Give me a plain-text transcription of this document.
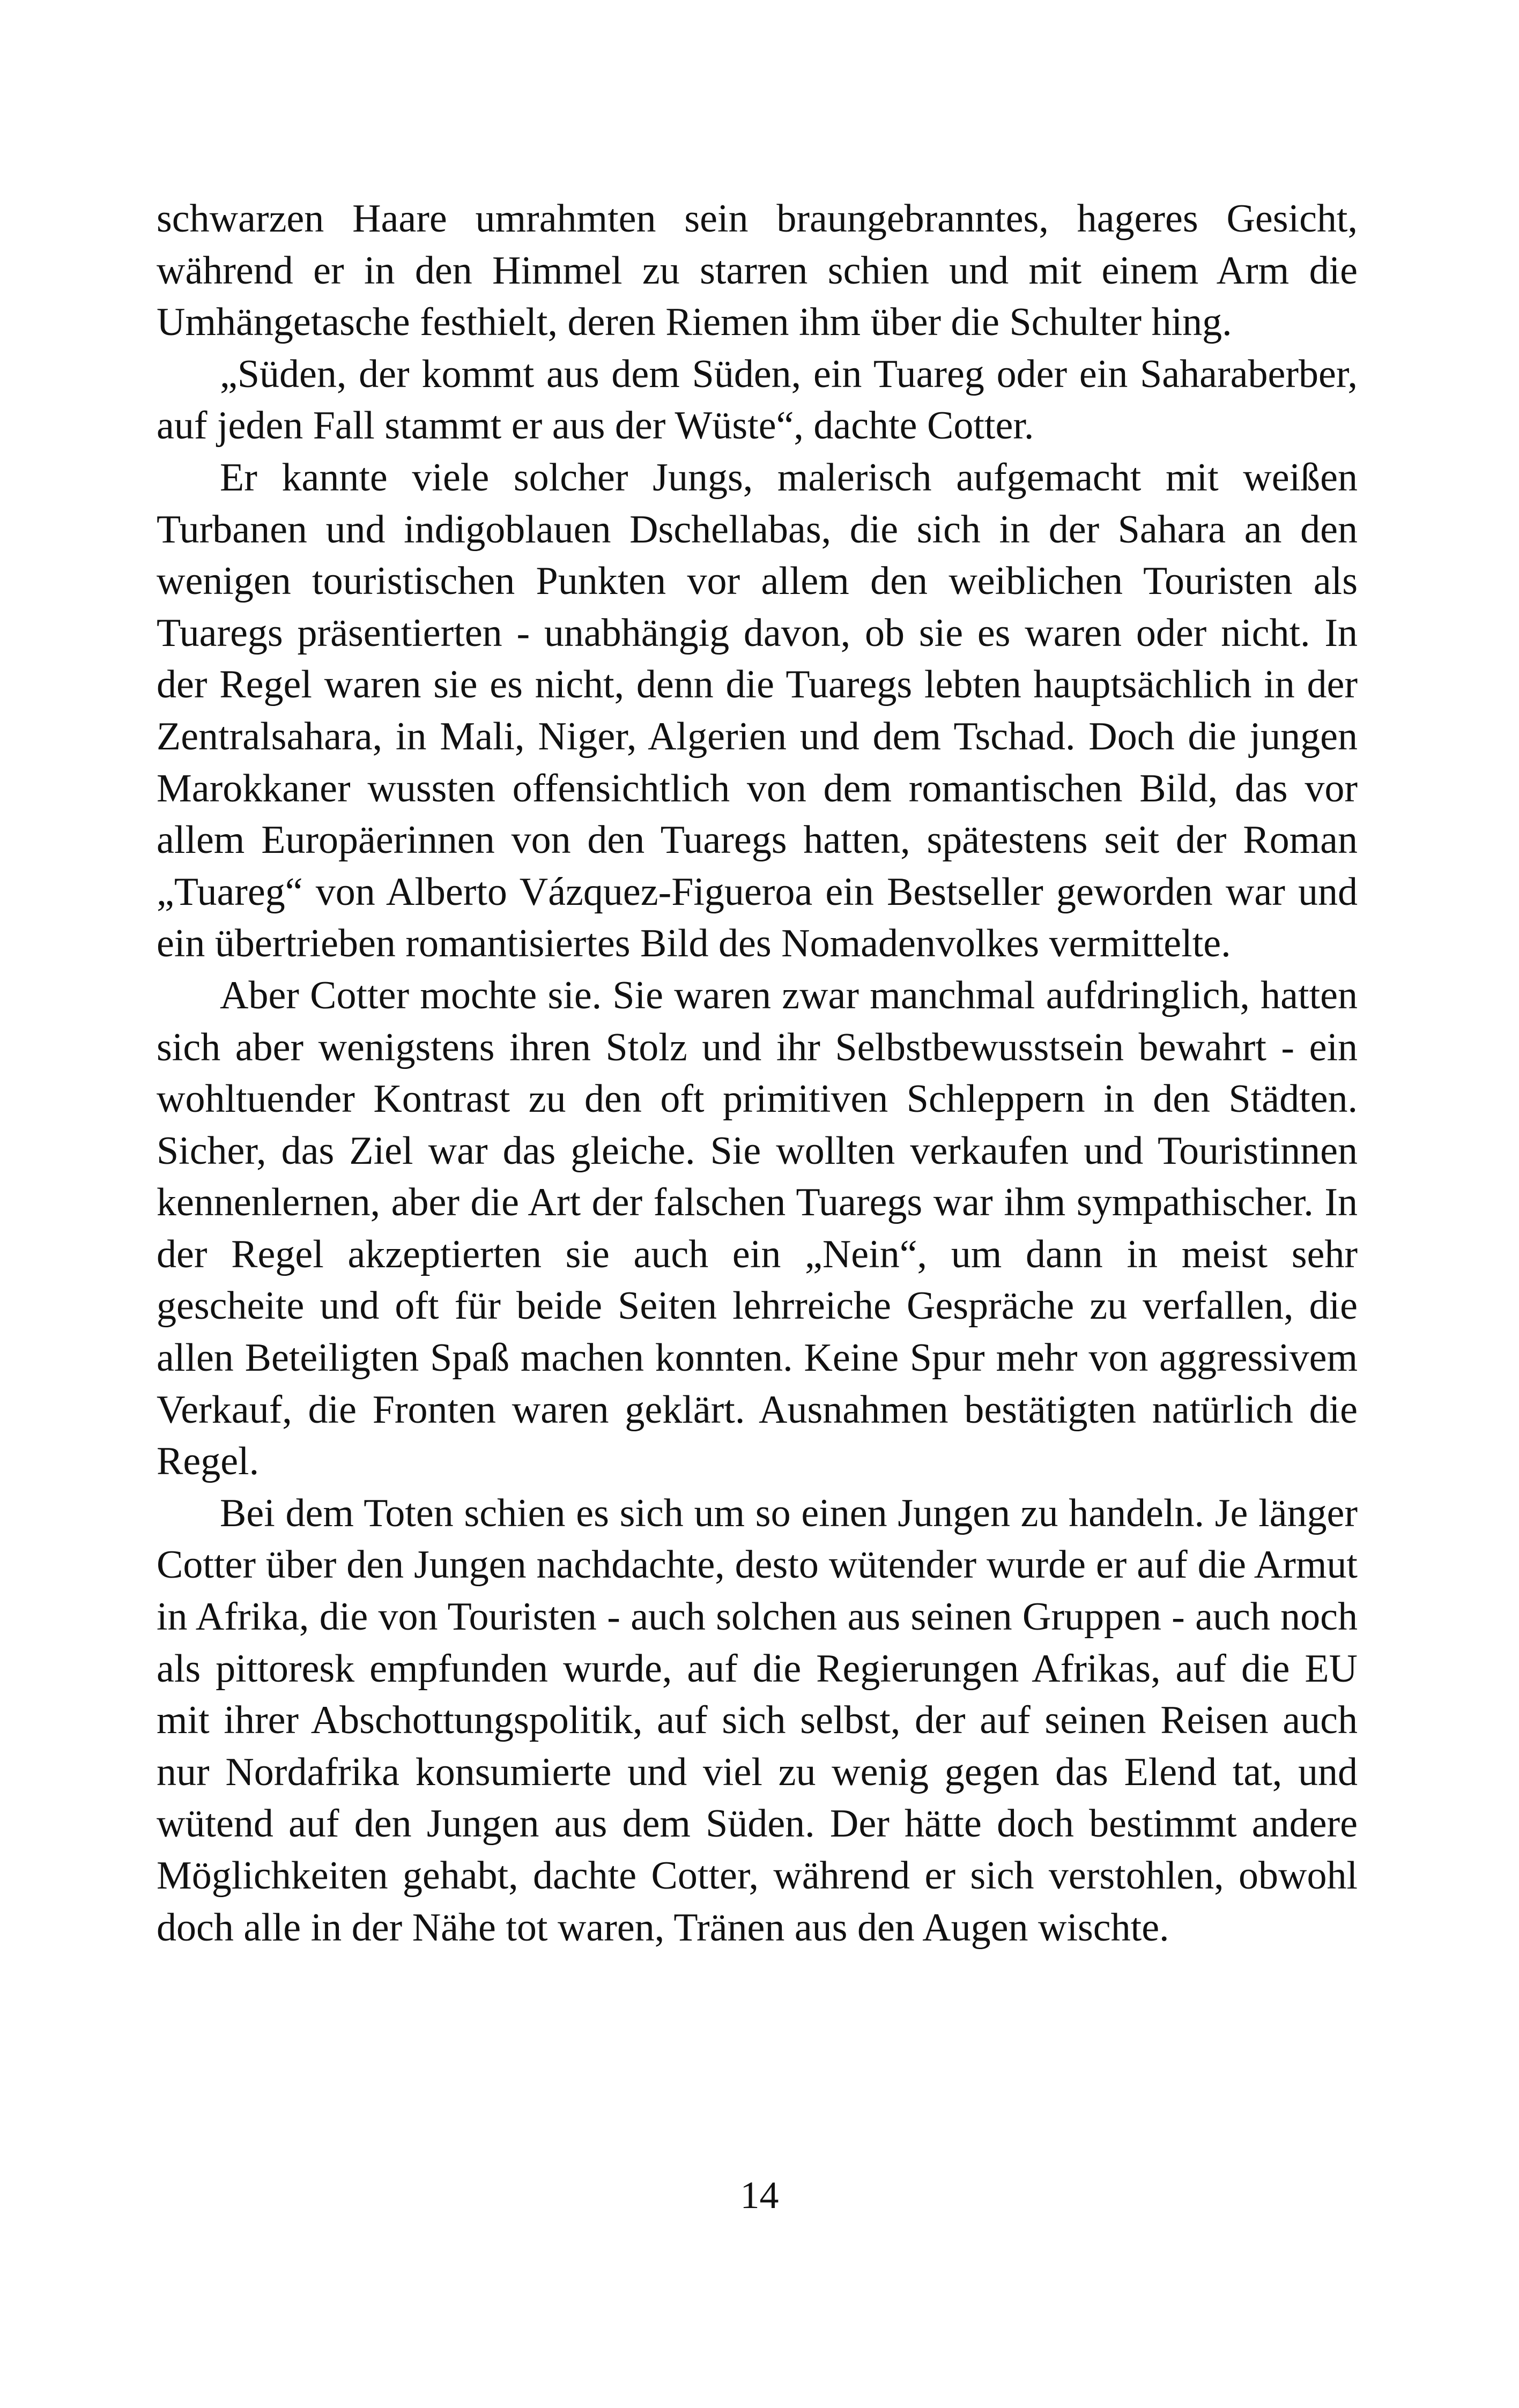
schwarzen Haare umrahmten sein braungebranntes, hageres Gesicht, während er in den Himmel zu starren schien und mit einem Arm die Umhängetasche festhielt, deren Riemen ihm über die Schulter hing.

„Süden, der kommt aus dem Süden, ein Tuareg oder ein Saharaberber, auf jeden Fall stammt er aus der Wüste“, dachte Cotter.

Er kannte viele solcher Jungs, malerisch aufgemacht mit weißen Turbanen und indigoblauen Dschellabas, die sich in der Sahara an den wenigen touristischen Punkten vor allem den weiblichen Touristen als Tuaregs präsentierten - unabhängig davon, ob sie es waren oder nicht. In der Regel waren sie es nicht, denn die Tuaregs lebten hauptsächlich in der Zentralsahara, in Mali, Niger, Algerien und dem Tschad. Doch die jungen Marokkaner wussten offensichtlich von dem romantischen Bild, das vor allem Europäerinnen von den Tuaregs hatten, spätestens seit der Roman „Tuareg“ von Alberto Vázquez-Figueroa ein Bestseller geworden war und ein übertrieben romantisiertes Bild des Nomadenvolkes vermittelte.

Aber Cotter mochte sie. Sie waren zwar manchmal aufdringlich, hatten sich aber wenigstens ihren Stolz und ihr Selbstbewusstsein bewahrt - ein wohltuender Kontrast zu den oft primitiven Schleppern in den Städten. Sicher, das Ziel war das gleiche. Sie wollten verkaufen und Touristinnen kennenlernen, aber die Art der falschen Tuaregs war ihm sympathischer. In der Regel akzeptierten sie auch ein „Nein“, um dann in meist sehr gescheite und oft für beide Seiten lehrreiche Gespräche zu verfallen, die allen Beteiligten Spaß machen konnten. Keine Spur mehr von aggressivem Verkauf, die Fronten waren geklärt. Ausnahmen bestätigten natürlich die Regel.

Bei dem Toten schien es sich um so einen Jungen zu handeln. Je länger Cotter über den Jungen nachdachte, desto wütender wurde er auf die Armut in Afrika, die von Touristen - auch solchen aus seinen Gruppen - auch noch als pittoresk empfunden wurde, auf die Regierungen Afrikas, auf die EU mit ihrer Abschottungspolitik, auf sich selbst, der auf seinen Reisen auch nur Nordafrika konsumierte und viel zu wenig gegen das Elend tat, und wütend auf den Jungen aus dem Süden. Der hätte doch bestimmt andere Möglichkeiten gehabt, dachte Cotter, während er sich verstohlen, obwohl doch alle in der Nähe tot waren, Tränen aus den Augen wischte.

14
